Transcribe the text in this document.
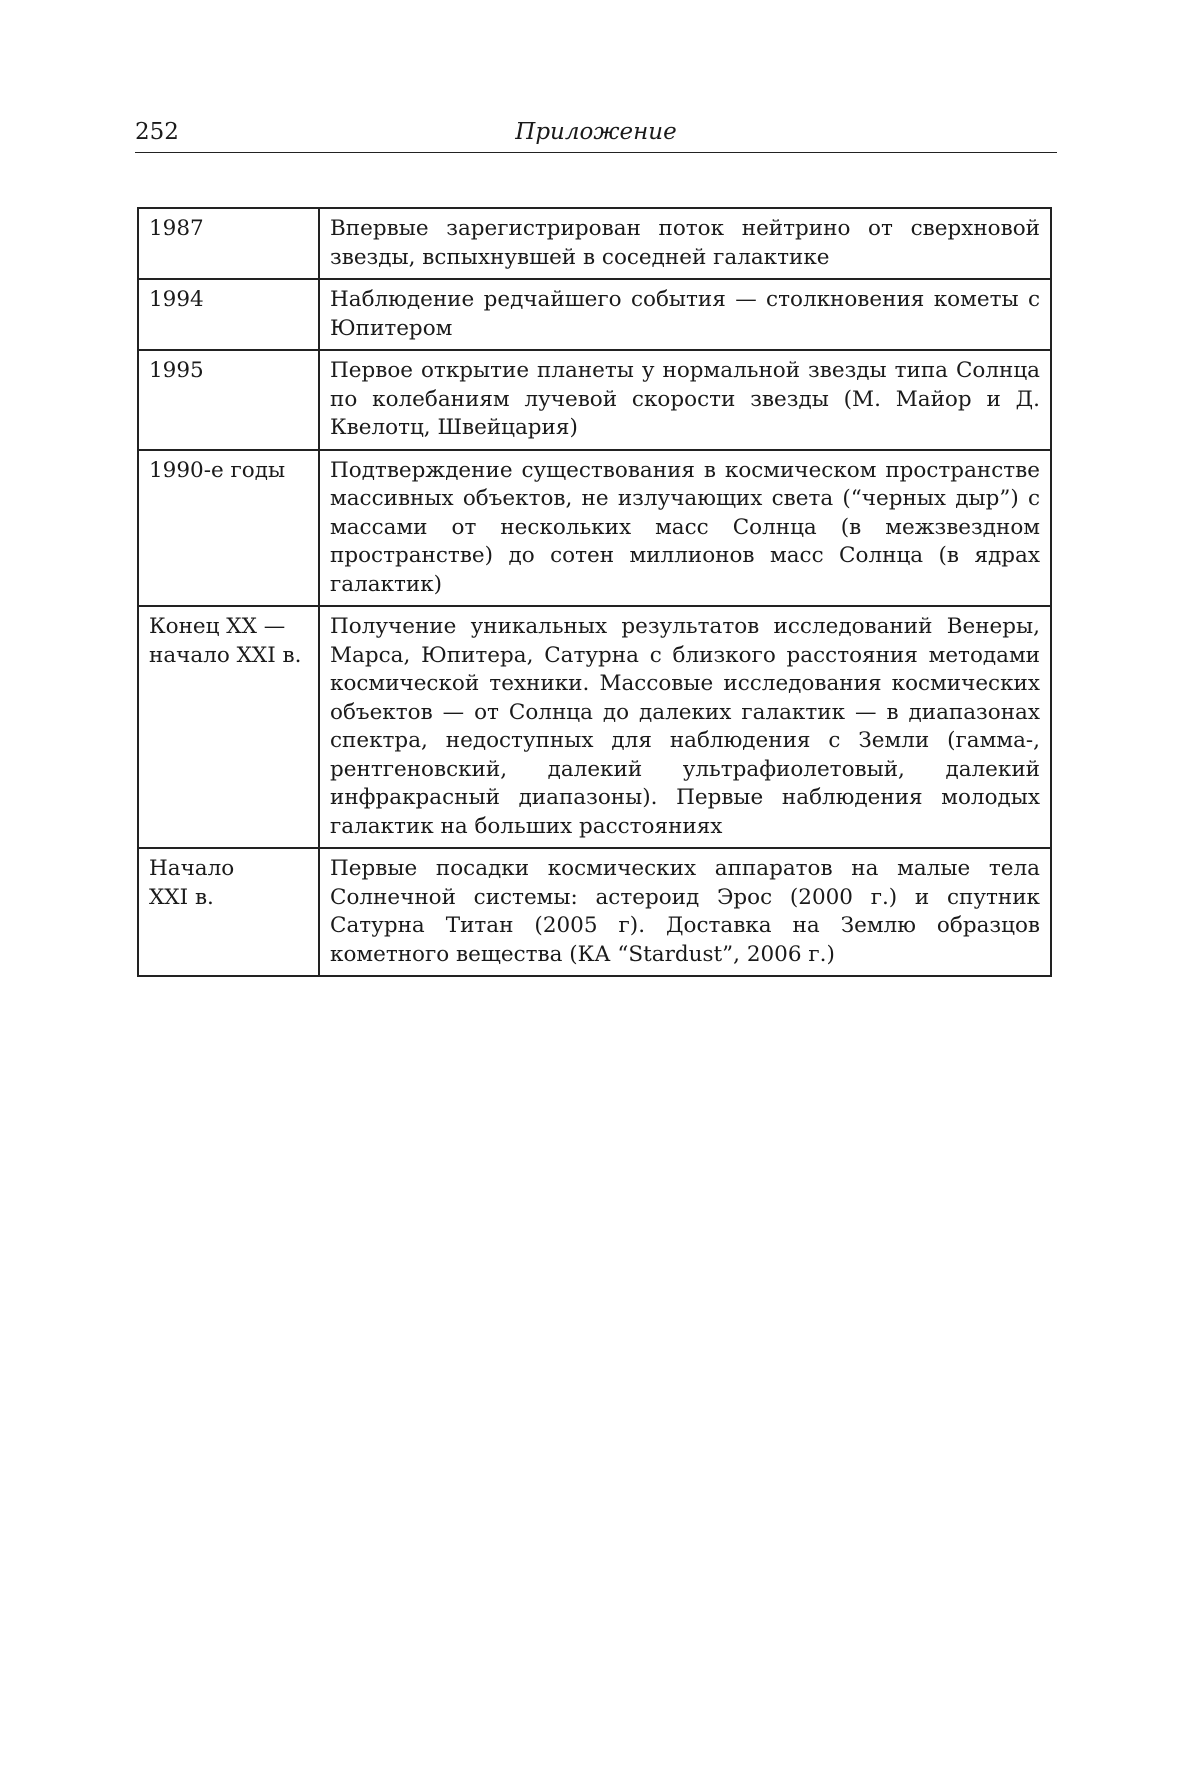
252	Приложение
1987	Впервые зарегистрирован поток нейтрино от сверхновой звезды, вспыхнувшей в соседней галактике
1994	Наблюдение редчайшего события — столкновения кометы с Юпитером
1995	Первое открытие планеты у нормальной звезды типа Солнца по колебаниям лучевой скорости звезды (М. Майор и Д. Квелотц, Швейцария)
1990-е годы	Подтверждение существования в космическом пространстве массивных объектов, не излучающих света (“черных дыр”) с массами от нескольких масс Солнца (в межзвездном пространстве) до сотен миллионов масс Солнца (в ядрах галактик)
Конец XX —
начало XXI в.	Получение уникальных результатов исследований Венеры, Марса, Юпитера, Сатурна с близкого расстояния методами космической техники. Массовые исследования космических объектов — от Солнца до далеких галактик — в диапазонах спектра, недоступных для наблюдения с Земли (гамма-, рентгеновский, далекий ультрафиолетовый, далекий инфракрасный диапазоны). Первые наблюдения молодых галактик на больших расстояниях
Начало
XXI в.	Первые посадки космических аппаратов на малые тела Солнечной системы: астероид Эрос (2000 г.) и спутник Сатурна Титан (2005 г). Доставка на Землю образцов кометного вещества (КА “Stardust”, 2006 г.)
